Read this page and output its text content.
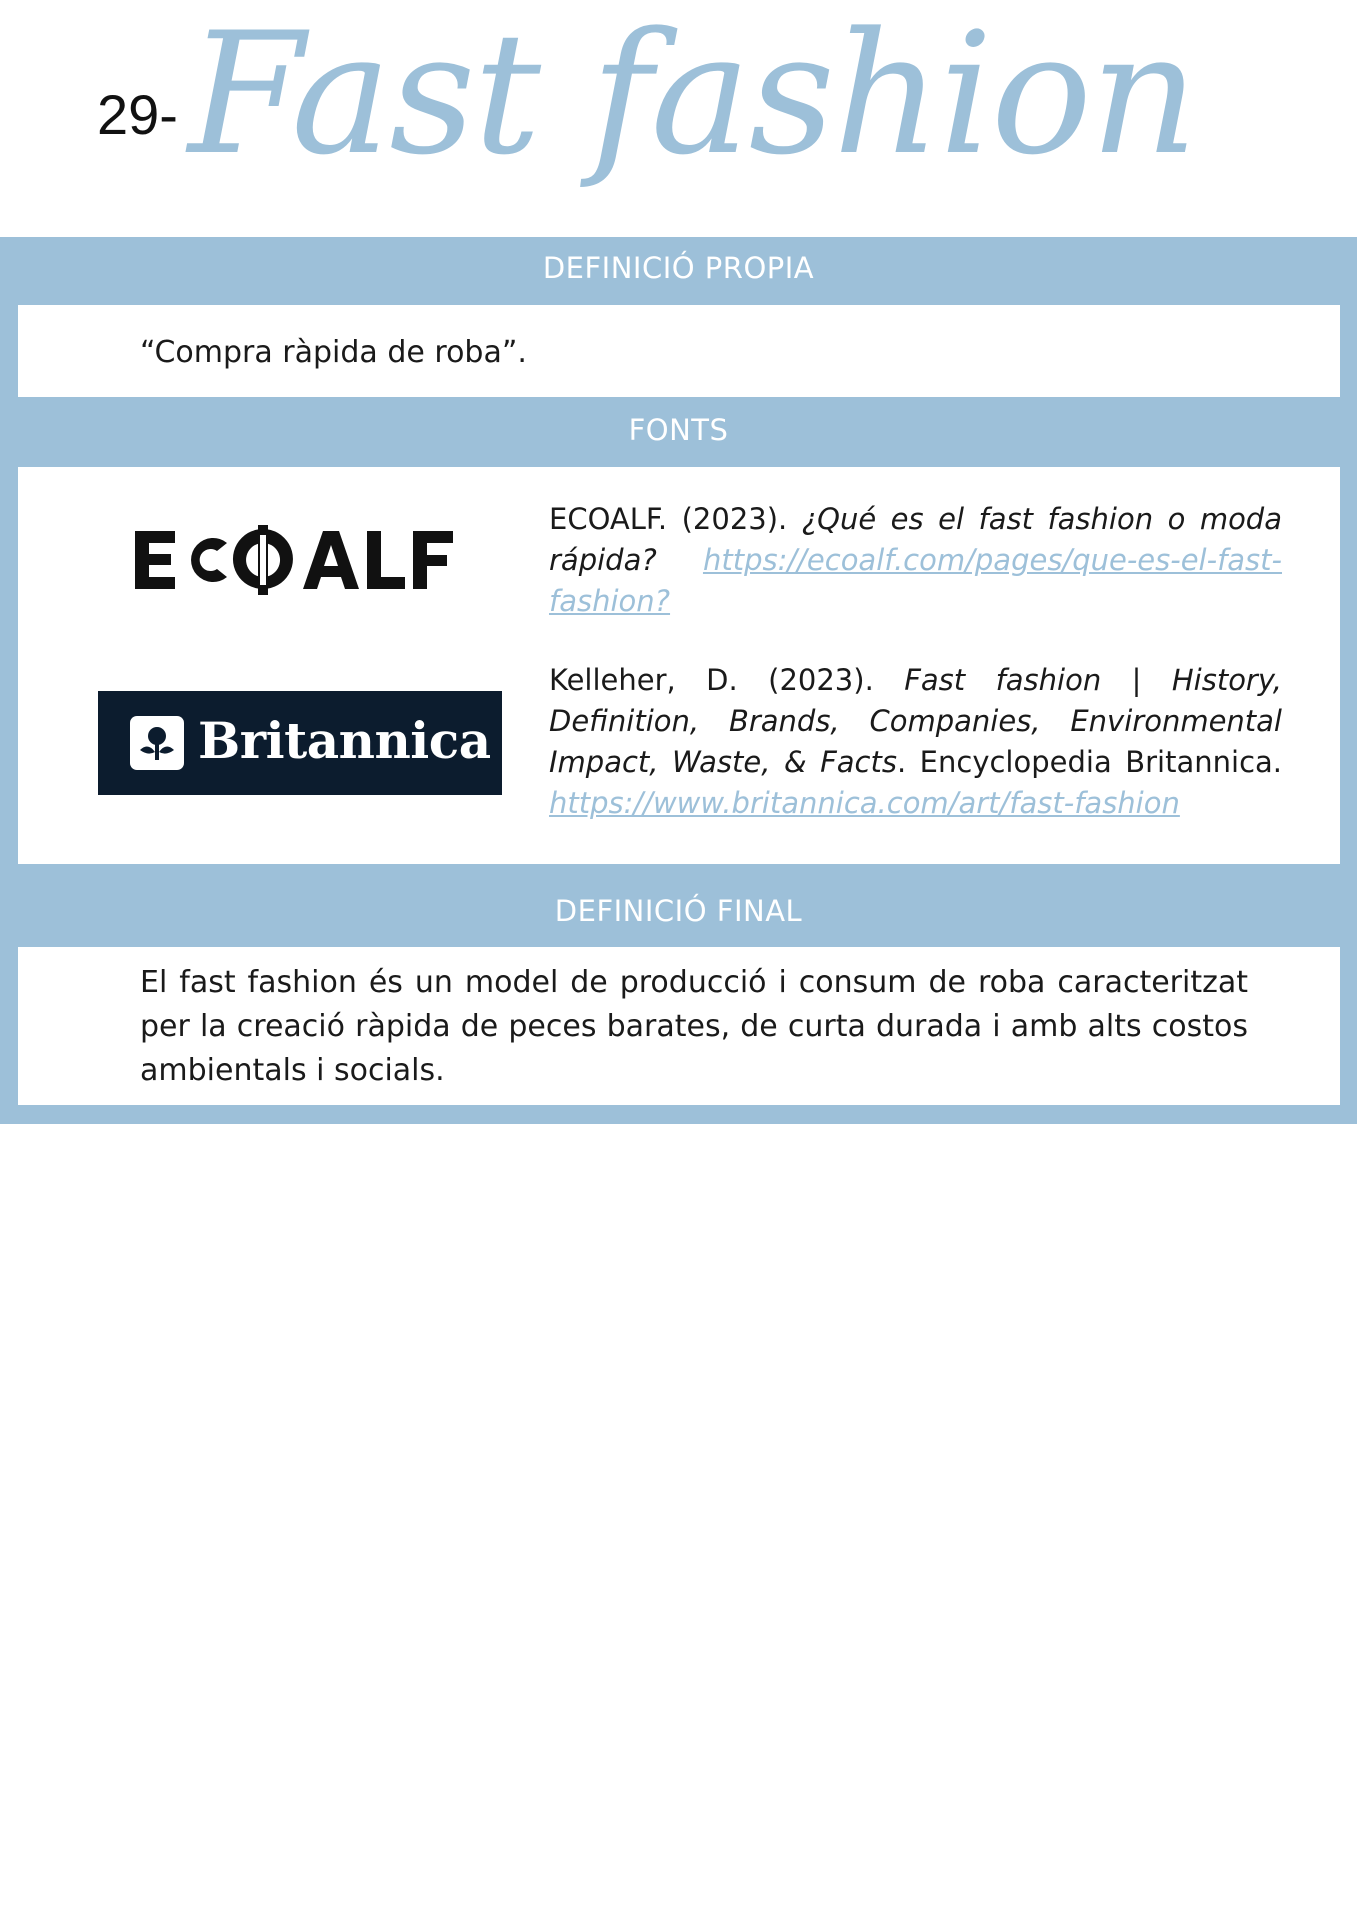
29- Fast fashion
DEFINICIÓ PROPIA
“Compra ràpida de roba”.
FONTS
Britannica
ECOALF. (2023). ¿Qué es el fast fashion o moda rápida? https://ecoalf.com/pages/que-es-el-fast-fashion?
Kelleher, D. (2023). Fast fashion | History, Definition, Brands, Companies, Environmental Impact, Waste, & Facts. Encyclopedia Britannica. https://www.britannica.com/art/fast-fashion
DEFINICIÓ FINAL
El fast fashion és un model de producció i consum de roba caracteritzat per la creació ràpida de peces barates, de curta durada i amb alts costos ambientals i socials.
